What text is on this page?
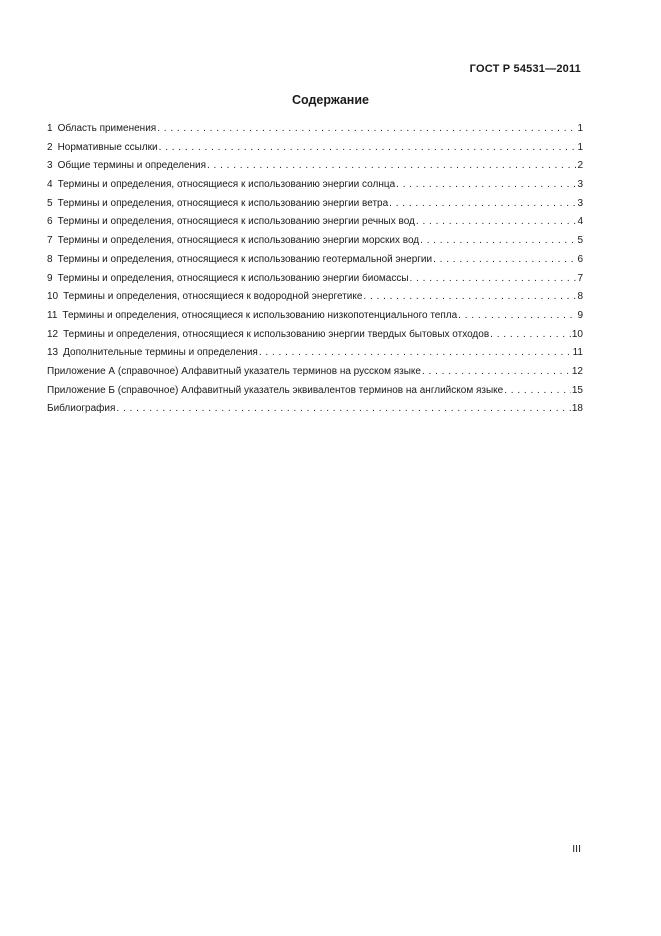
ГОСТ Р 54531—2011
Содержание
1 Область применения . . .	1
2 Нормативные ссылки . . .	1
3 Общие термины и определения . . .	2
4 Термины и определения, относящиеся к использованию энергии солнца . . .	3
5 Термины и определения, относящиеся к использованию энергии ветра . . .	3
6 Термины и определения, относящиеся к использованию энергии речных вод . . .	4
7 Термины и определения, относящиеся к использованию энергии морских вод . . .	5
8 Термины и определения, относящиеся к использованию геотермальной энергии . . .	6
9 Термины и определения, относящиеся к использованию энергии биомассы . . .	7
10 Термины и определения, относящиеся к водородной энергетике . . .	8
11 Термины и определения, относящиеся к использованию низкопотенциального тепла . . .	9
12 Термины и определения, относящиеся к использованию энергии твердых бытовых отходов . . .	10
13 Дополнительные термины и определения . . .	11
Приложение А (справочное) Алфавитный указатель терминов на русском языке . . .	12
Приложение Б (справочное) Алфавитный указатель эквивалентов терминов на английском языке . . .	15
Библиография . . .	18
III
